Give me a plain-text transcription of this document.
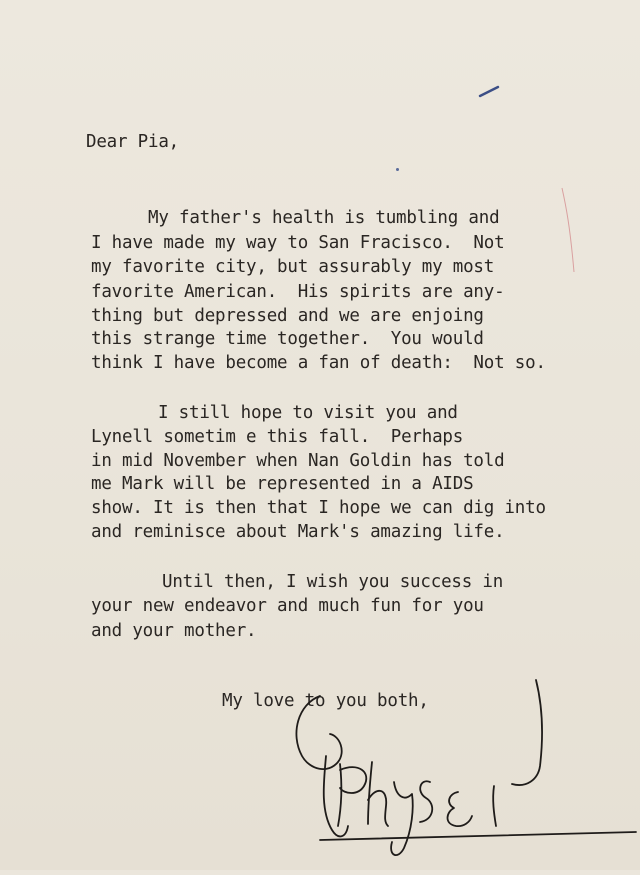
Dear Pia,
My father's health is tumbling and
I have made my way to San Fracisco.  Not
my favorite city, but assurably my most
favorite American.  His spirits are any-
thing but depressed and we are enjoing
this strange time together.  You would
think I have become a fan of death:  Not so.
I still hope to visit you and
Lynell sometim e this fall.  Perhaps
in mid November when Nan Goldin has told
me Mark will be represented in a AIDS
show. It is then that I hope we can dig into
and reminisce about Mark's amazing life.
Until then, I wish you success in
your new endeavor and much fun for you
and your mother.
My love to you both,
